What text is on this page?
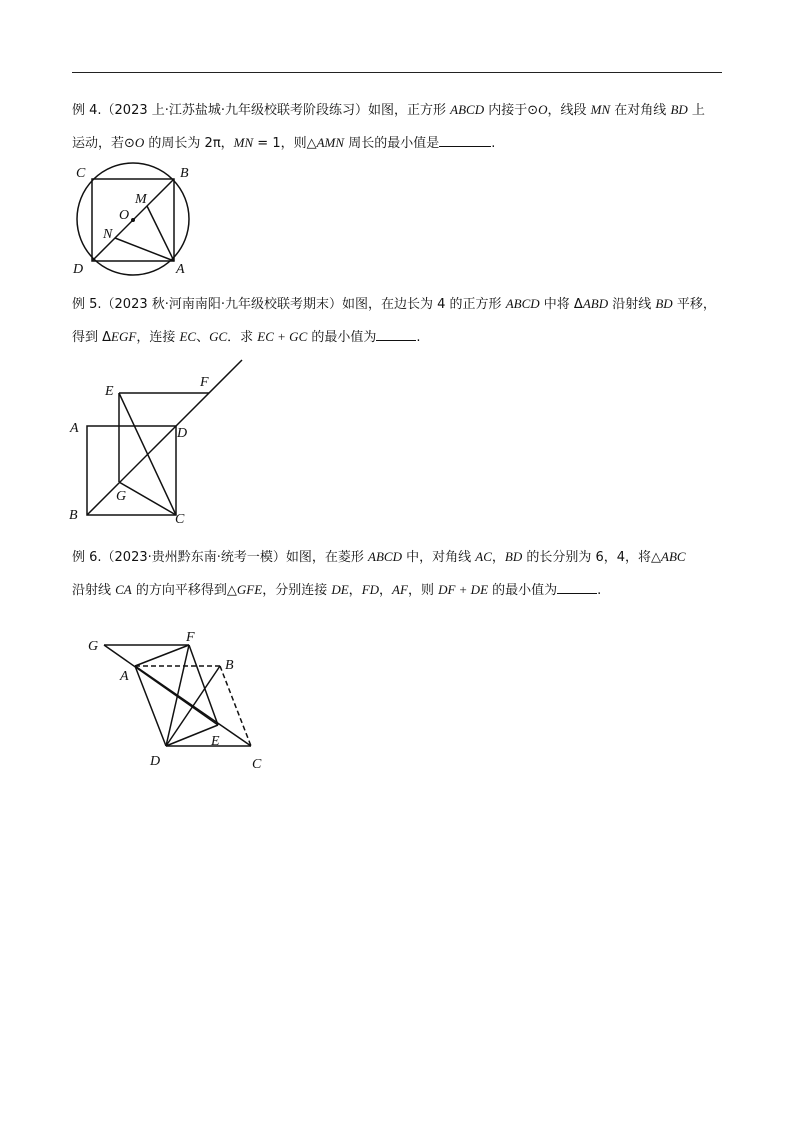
例 4.（2023 上·江苏盐城·九年级校联考阶段练习）如图，正方形 ABCD 内接于⊙O，线段 MN 在对角线 BD 上
运动，若⊙O 的周长为 2π，MN = 1，则△AMN 周长的最小值是	.
C	B
M
O
N
D	A
例 5.（2023 秋·河南南阳·九年级校联考期末）如图，在边长为 4 的正方形 ABCD 中将 ΔABD 沿射线 BD 平移，
得到 ΔEGF，连接 EC、GC．求 EC + GC 的最小值为	.
E
F
A	D
G
B	C
例 6.（2023·贵州黔东南·统考一模）如图，在菱形 ABCD 中，对角线 AC，BD 的长分别为 6，4，将△ABC
沿射线 CA 的方向平移得到△GFE，分别连接 DE，FD，AF，则 DF + DE 的最小值为	.
G
F
B
A
E
D	C
